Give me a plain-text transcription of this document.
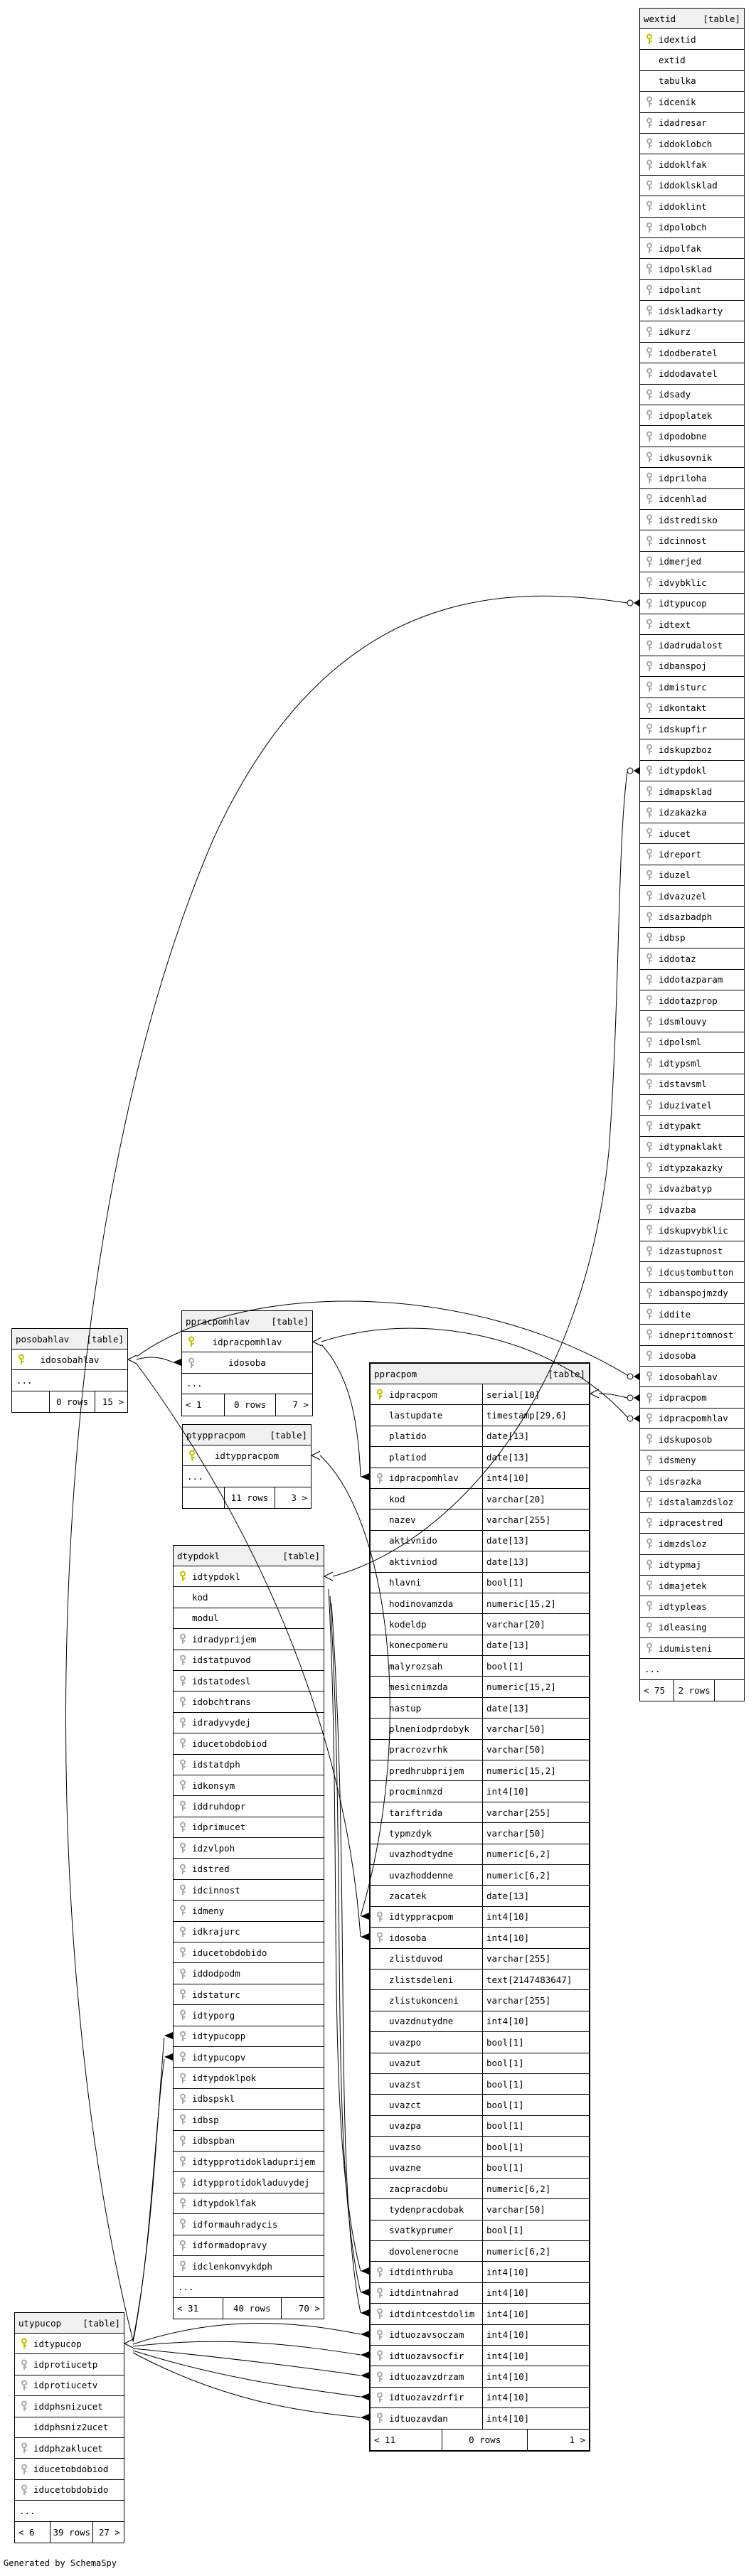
posobahlav [table]
idosobahlav
...
0 rows	15 >
ppracpomhlav [table]
idpracpomhlav
idosoba
...
< 1	0 rows	7 >
ptyppracpom	[table]
idtyppracpom
...
11 rows	3 >
dtypdokl	[table]
idtypdokl
kod
modul
idradyprijem
idstatpuvod
idstatodesl
idobchtrans
idradyvydej
iducetobdobiod
idstatdph
idkonsym
iddruhdopr
idprimucet
idzvlpoh
idstred
idcinnost
idmeny
idkrajurc
iducetobdobido
iddodpodm
idstaturc
idtyporg
idtypucopp
idtypucopv
idtypdoklpok
idbspskl
idbsp
idbspban
idtypprotidokladuprijem
idtypprotidokladuvydej
idtypdoklfak
idformauhradycis
idformadopravy
idclenkonvykdph
...
< 31	40 rows	70 >
ppracpom	[table]
idpracpom	serial[10]
lastupdate	timestamp[29,6]
platido	date[13]
platiod	date[13]
idpracpomhlav	int4[10]
kod	varchar[20]
nazev	varchar[255]
aktivnido	date[13]
aktivniod	date[13]
hlavni	bool[1]
hodinovamzda	numeric[15,2]
kodeldp	varchar[20]
konecpomeru	date[13]
malyrozsah	bool[1]
mesicnimzda	numeric[15,2]
nastup	date[13]
plneniodprdobyk	varchar[50]
pracrozvrhk	varchar[50]
predhrubprijem	numeric[15,2]
procminmzd	int4[10]
tariftrida	varchar[255]
typmzdyk	varchar[50]
uvazhodtydne	numeric[6,2]
uvazhoddenne	numeric[6,2]
zacatek	date[13]
idtyppracpom	int4[10]
idosoba	int4[10]
zlistduvod	varchar[255]
zlistsdeleni	text[2147483647]
zlistukonceni	varchar[255]
uvazdnutydne	int4[10]
uvazpo	bool[1]
uvazut	bool[1]
uvazst	bool[1]
uvazct	bool[1]
uvazpa	bool[1]
uvazso	bool[1]
uvazne	bool[1]
zacpracdobu	numeric[6,2]
tydenpracdobak	varchar[50]
svatkyprumer	bool[1]
dovolenerocne	numeric[6,2]
idtdinthruba	int4[10]
idtdintnahrad	int4[10]
idtdintcestdolim	int4[10]
idtuozavsoczam	int4[10]
idtuozavsocfir	int4[10]
idtuozavzdrzam	int4[10]
idtuozavzdrfir	int4[10]
idtuozavdan	int4[10]
< 11	0 rows	1 >
utypucop [table]
idtypucop
idprotiucetp
idprotiucetv
iddphsnizucet
iddphsniz2ucet
iddphzaklucet
iducetobdobiod
iducetobdobido
...
< 6	39 rows 27 >
wextid	[table]
idextid
extid
tabulka
idcenik
idadresar
iddoklobch
iddoklfak
iddoklsklad
iddoklint
idpolobch
idpolfak
idpolsklad
idpolint
idskladkarty
idkurz
idodberatel
iddodavatel
idsady
idpoplatek
idpodobne
idkusovnik
idpriloha
idcenhlad
idstredisko
idcinnost
idmerjed
idvybklic
idtypucop
idtext
idadrudalost
idbanspoj
idmisturc
idkontakt
idskupfir
idskupzboz
idtypdokl
idmapsklad
idzakazka
iducet
idreport
iduzel
idvazuzel
idsazbadph
idbsp
iddotaz
iddotazparam
iddotazprop
idsmlouvy
idpolsml
idtypsml
idstavsml
iduzivatel
idtypakt
idtypnaklakt
idtypzakazky
idvazbatyp
idvazba
idskupvybklic
idzastupnost
idcustombutton
idbanspojmzdy
iddite
idnepritomnost
idosoba
idosobahlav
idpracpom
idpracpomhlav
idskuposob
idsmeny
idsrazka
idstalamzdsloz
idpracestred
idmzdsloz
idtypmaj
idmajetek
idtypleas
idleasing
idumisteni
...
< 75	2 rows
Generated by SchemaSpy
